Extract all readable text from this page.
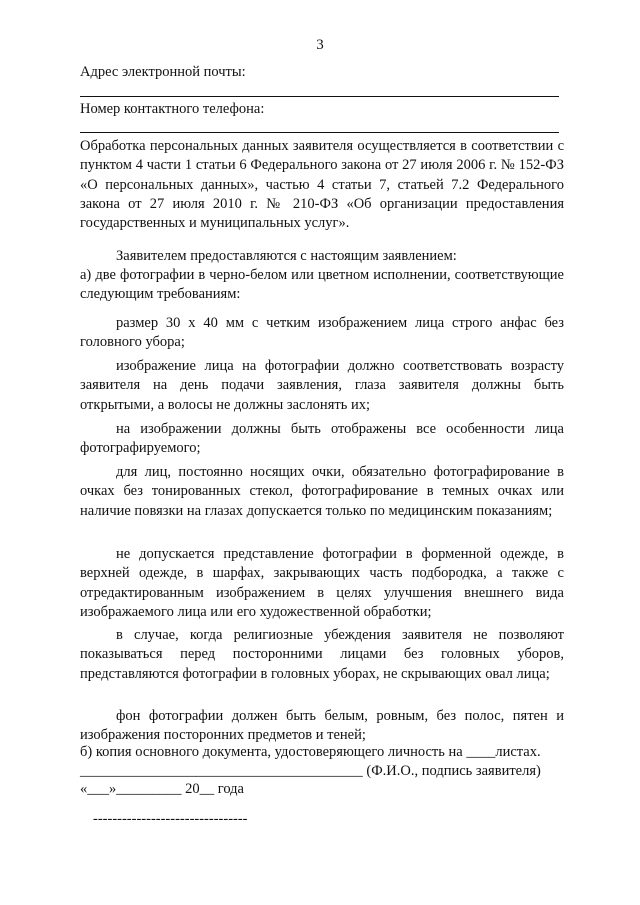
3
Адрес электронной почты:
Номер контактного телефона:

Обработка персональных данных заявителя осуществляется в соответствии с пунктом 4 части 1 статьи 6 Федерального закона от 27 июля 2006 г. № 152-ФЗ «О персональных данных», частью 4 статьи 7, статьей 7.2 Федерального закона от 27 июля 2010 г. № 210-ФЗ «Об организации предоставления государственных и муниципальных услуг».

Заявителем предоставляются с настоящим заявлением:

а) две фотографии в черно-белом или цветном исполнении, соответствующие следующим требованиям:

размер 30 х 40 мм с четким изображением лица строго анфас без головного убора;

изображение лица на фотографии должно соответствовать возрасту заявителя на день подачи заявления, глаза заявителя должны быть открытыми, а волосы не должны заслонять их;

на изображении должны быть отображены все особенности лица фотографируемого;

для лиц, постоянно носящих очки, обязательно фотографирование в очках без тонированных стекол, фотографирование в темных очках или наличие повязки на глазах допускается только по медицинским показаниям;

не допускается представление фотографии в форменной одежде, в верхней одежде, в шарфах, закрывающих часть подбородка, а также с отредактированным изображением в целях улучшения внешнего вида изображаемого лица или его художественной обработки;

в случае, когда религиозные убеждения заявителя не позволяют показываться перед посторонними лицами без головных уборов, представляются фотографии в головных уборах, не скрывающих овал лица;

фон фотографии должен быть белым, ровным, без полос, пятен и изображения посторонних предметов и теней;

б) копия основного документа, удостоверяющего личность на ____листах.

_______________________________________ (Ф.И.О., подпись заявителя)

«___»_________ 20__ года

--------------------------------
